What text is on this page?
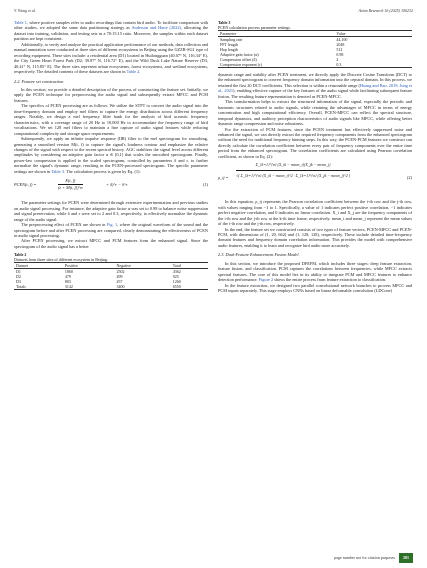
Y. Wang et al.	Avian Research 16 (2025) 100232

Table 1, where positive samples refer to audio recordings that contain bird audio. To facilitate comparison with other studies, we adopted the same data partitioning strategy as Anderson and Harte (2022), allocating the dataset into training, validation, and testing sets in a 70:15:15 ratio. Moreover, the samples within each dataset partition are kept consistent.

Additionally, to verify and analyze the practical application performance of our methods, data collection and manual annotation were conducted at three sites of different ecosystems in Beijing using the GZZR-SG1 type of recording equipment. These sites include: a residential area (D1) located in Huilongguan (40.07° N, 116.34° E), the City Green Heart Forest Park (D2; 39.87° N, 116.72° E), and the Wild Duck Lake Nature Reserve (D3, 40.41° N, 115.85° E). The three sites represent urban ecosystems, forest ecosystems, and wetland ecosystems, respectively. The detailed contents of these datasets are shown in Table 2.

2.2. Feature set construction

In this section, we provide a detailed description of the process of constructing the feature set. Initially, we apply the PCEN technique for preprocessing the audio signal and subsequently extract MFCC and PCM features.

The specifics of PCEN processing are as follows: We utilize the STFT to convert the audio signal into the time-frequency domain and employ mel filters to capture the energy distribution across different frequency ranges. Notably, we design a mel frequency filter bank for the analysis of bird acoustic frequency characteristics, with a coverage range of 20 Hz to 10,000 Hz to accommodate the frequency range of bird vocalizations. We set 128 mel filters to maintain a fine capture of audio signal features while reducing computational complexity and storage space requirements.

Subsequently, we apply an infinite impulse response (IIR) filter to the mel spectrogram for smoothing, generating a smoothed version M(t, f) to capture the signal's loudness contour and emphasize the relative changes of the signal with respect to the recent spectral history. AGC stabilizes the signal level across different amplitudes by considering an adaptive gain factor α ∈ [0,1] that scales the smoothed spectrogram. Finally, power-law compression is applied to the scaled spectrogram, controlled by parameters δ and r, to further normalize the signal's dynamic range, resulting in the PCEN-processed spectrogram. The specific parameter settings are shown in Table 3. The calculation process is given by Eq. (1):

PCEN(t, f) =	$\frac{E(t, f)}{(\varepsilon + M(t, f))\^{}\alpha}$	+ δ)^r − δ^r	(1)

The parameter settings for PCEN were determined through extensive experimentation and previous studies on audio signal processing. For instance, the adaptive gain factor α was set to 0.98 to balance noise suppression and signal preservation, while δ and r were set to 2 and 0.3, respectively, to effectively normalize the dynamic range of the audio signal.

The preprocessing effect of PCEN are shown in Fig. 1, where the original waveform of the sound and the spectrogram before and after PCEN processing are compared, clearly demonstrating the effectiveness of PCEN in audio signal processing.

After PCEN processing, we extract MFCC and PCM features from the enhanced signal. Since the spectrogram of the audio signal has a better

Table 2
Datasets from three sites of different ecosystem in Beijing.
Dataset	Positive	Negative	Total
D1	1860	2502	4362
D2	479	499	925
D3	803	457	1260
Totals	3142	3400	6550
Table 3
PCEN calculation process parameter settings.
Parameter	Value
Sampling rate	44,100
FFT length	2048
Hop length	512
Adaptive gain factor (α)	0.98
Compression offset (δ)	2
Compression exponent (r)	0.3

dynamic range and stability after PCEN treatment, we directly apply the Discrete Cosine Transform (DCT) to the enhanced spectrogram to convert frequency domain information into the cepstral domain. In this process, we retained the first 20 DCT coefficients. This selection is within a reasonable range (Hoang and Bao, 2019; Jung et al., 2021), enabling effective capture of the key features of the audio signal while facilitating subsequent feature fusion. The resulting feature representation is denoted as PCEN-MFCC.

This transformation helps to extract the structured information of the signal, especially the periodic and harmonic structures related to audio signals, while retaining the advantages of MFCC in terms of energy concentration and high computational efficiency. Overall, PCEN-MFCC can reflect the spectral structure, temporal dynamics, and auditory perception characteristics of audio signals like MFCC, while offering better dynamic range compression and noise robustness.

For the extraction of PCM features, since the PCEN treatment has effectively suppressed noise and enhanced the signal, we can directly extract the required frequency components from the enhanced spectrogram without the need for traditional frequency binning steps. In this way, the PCEN-PCM features we construct can directly calculate the correlation coefficient between every pair of frequency components over the entire time period from the enhanced spectrogram. The correlation coefficients are calculated using Pearson correlation coefficient, as shown in Eq. (2):

ρ_ij =
Σ_{k=1}^{n} (X_ik − mean_i)(X_jk − mean_j)
√( Σ_{k=1}^{n} (X_ik − mean_i)^2 · Σ_{k=1}^{n} (X_jk − mean_j)^2 )
(2)

In this equation, ρ_ij represents the Pearson correlation coefficient between the i-th row and the j-th row, with values ranging from −1 to 1. Specifically, a value of 1 indicates perfect positive correlation, −1 indicates perfect negative correlation, and 0 indicates no linear correlation. X_i and X_j are the frequency components of the i-th row and the j-th row at the k-th time frame, respectively. mean_i and mean_j represent the mean values of the i-th row and the j-th row, respectively.

In the end, the feature set we constructed consists of two types of feature vectors, PCEN-MFCC and PCEN-PCM, with dimensions of (1, 20, 662) and (1, 128, 128), respectively. These include detailed time-frequency domain features and frequency domain correlation information. This provides the model with comprehensive audio features, enabling it to learn and recognize bird audio more accurately.

2.3. Dual-Feature Enhancement Fusion Model

In this section, we introduce the proposed DFEFM, which includes three stages: deep feature extraction, feature fusion, and classification. PCM captures the correlations between frequencies, while MFCC extracts spectral features. The core of this model lies in its ability to integrate PCM and MFCC features to enhance detection performance. Figure 2 shows the entire process from feature extraction to classification.

In the feature extraction, we designed two parallel convolutional network branches to process MFCC and PCM inputs separately. This stage employs CNNs based on linear deformable convolution (LDConv)

page number not for citation purposes 201
